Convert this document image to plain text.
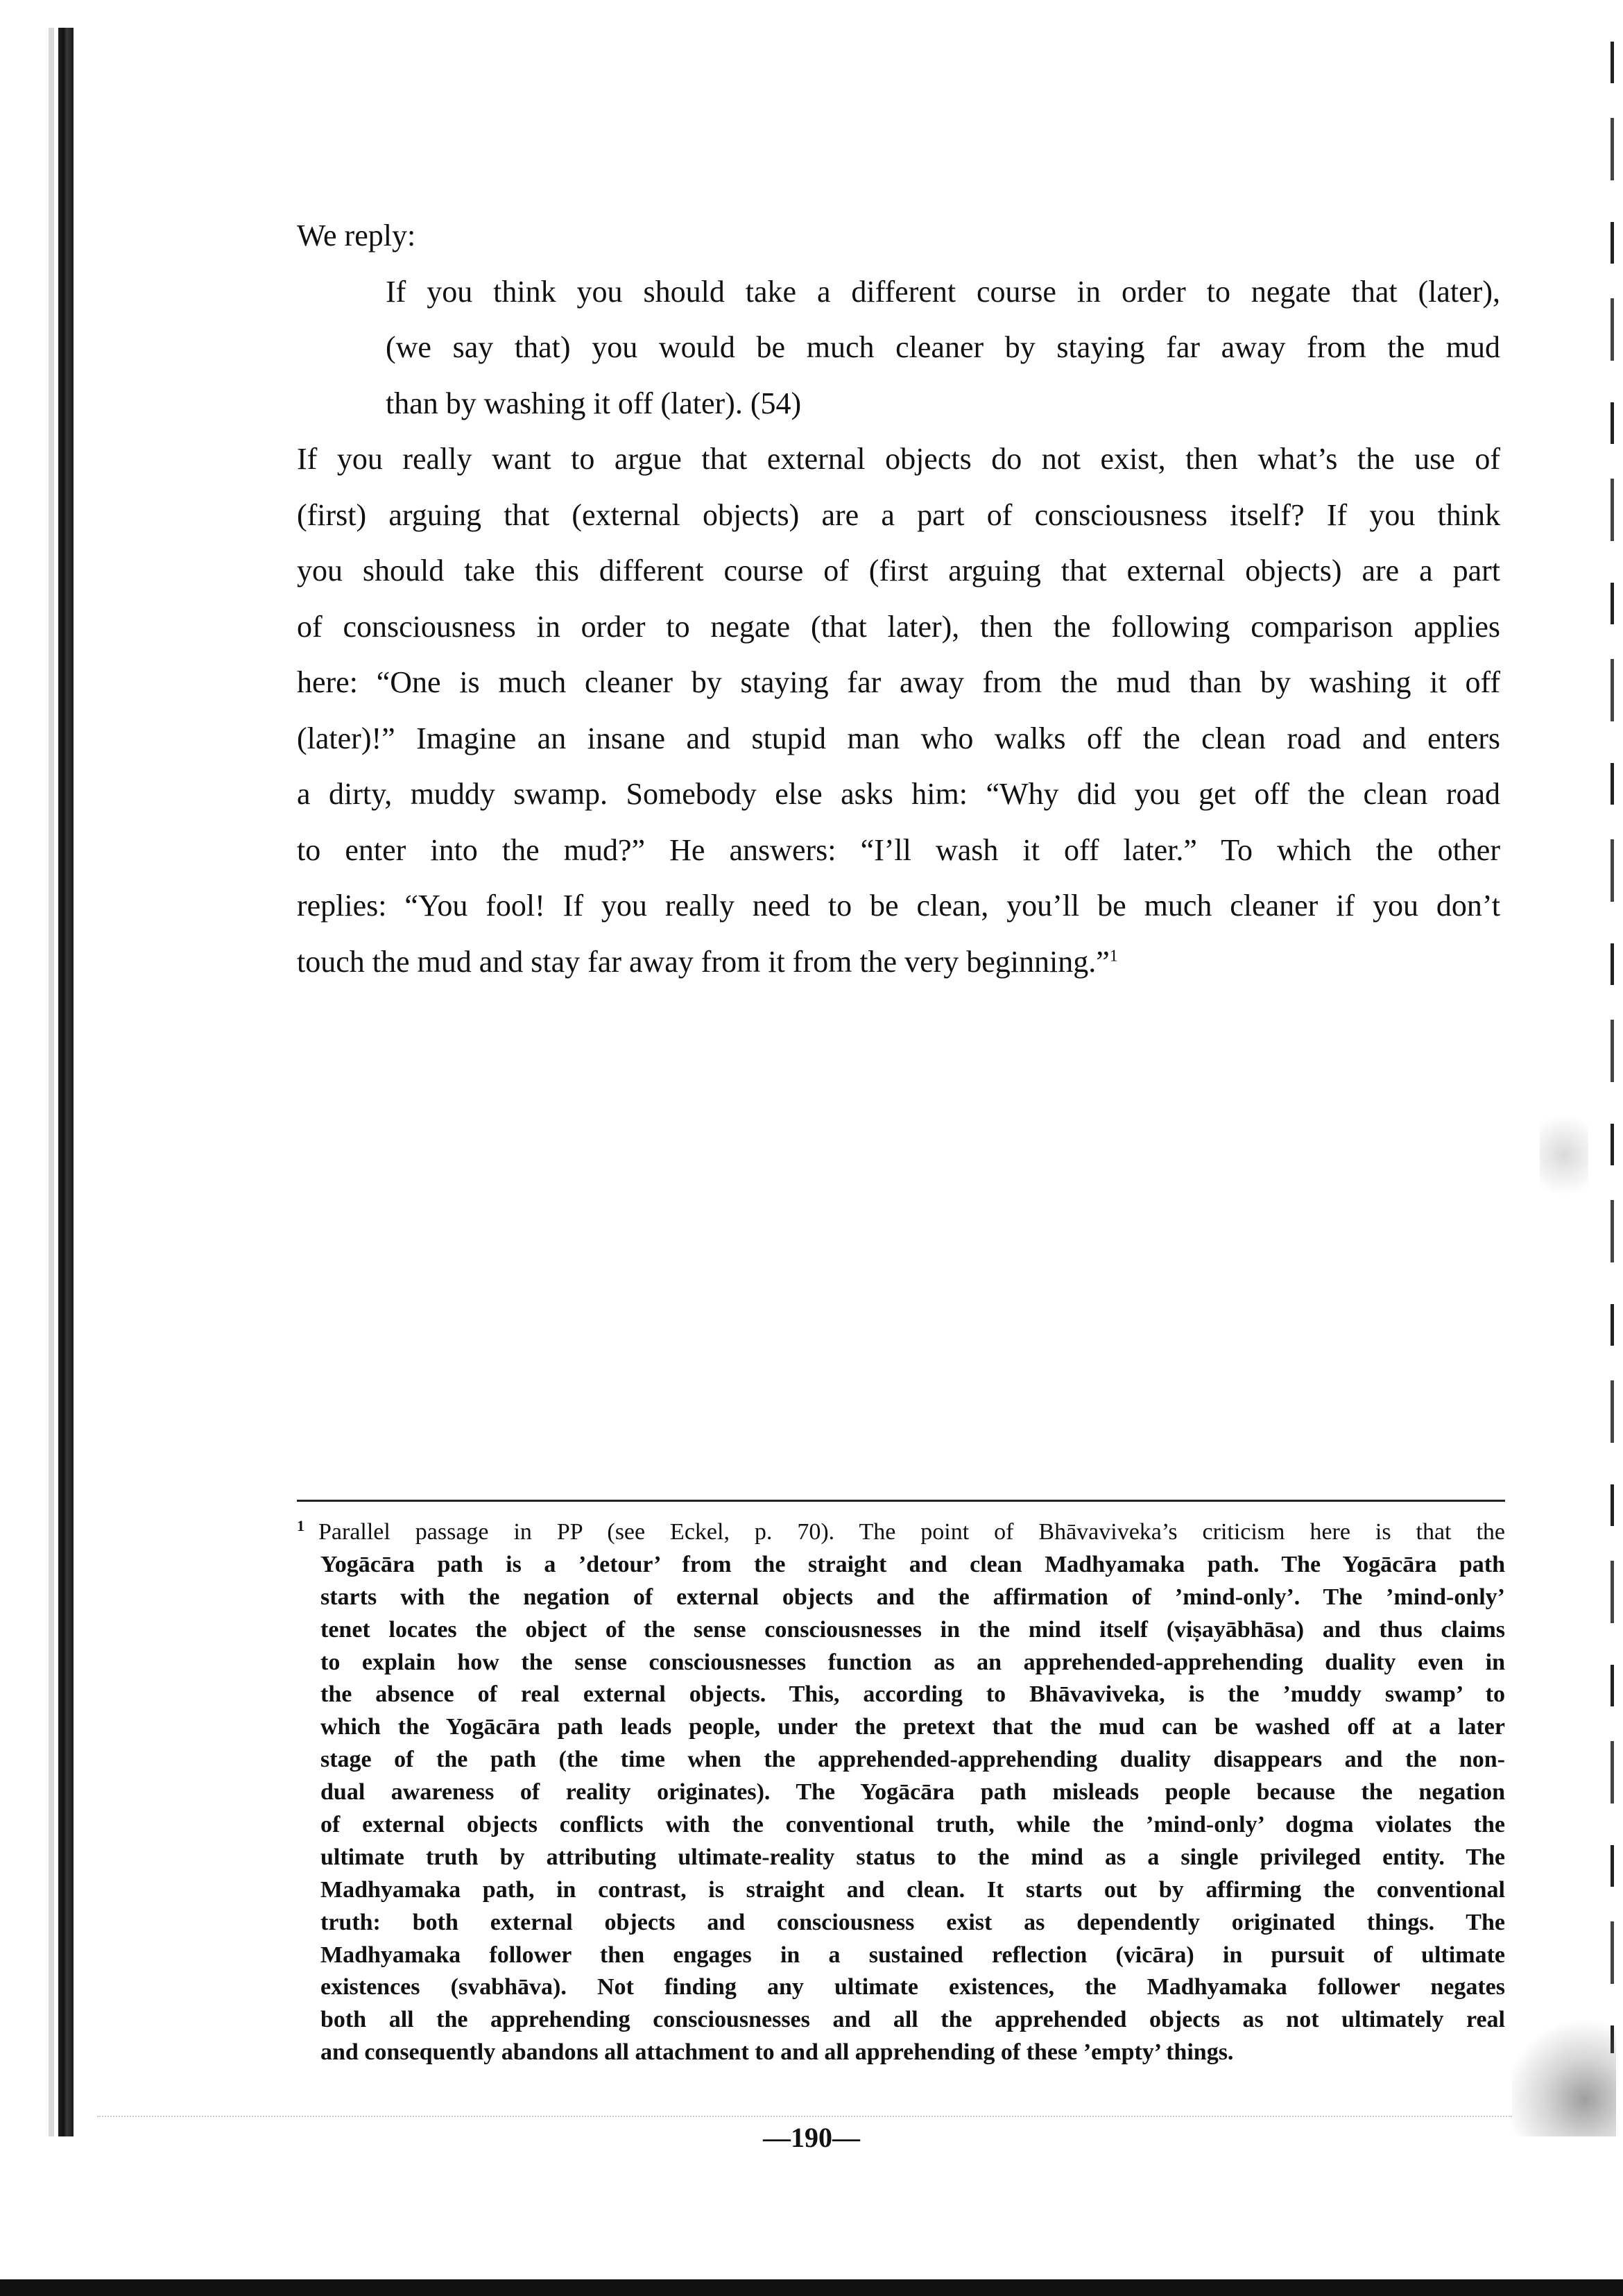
We reply:
If you think you should take a different course in order to negate that (later),
(we say that) you would be much cleaner by staying far away from the mud
than by washing it off (later). (54)
If you really want to argue that external objects do not exist, then what’s the use of
(first) arguing that (external objects) are a part of consciousness itself? If you think
you should take this different course of (first arguing that external objects) are a part
of consciousness in order to negate (that later), then the following comparison applies
here: “One is much cleaner by staying far away from the mud than by washing it off
(later)!” Imagine an insane and stupid man who walks off the clean road and enters
a dirty, muddy swamp. Somebody else asks him: “Why did you get off the clean road
to enter into the mud?” He answers: “I’ll wash it off later.” To which the other
replies: “You fool! If you really need to be clean, you’ll be much cleaner if you don’t
touch the mud and stay far away from it from the very beginning.”$^1$
$^1$ Parallel passage in PP (see Eckel, p. 70). The point of Bhāvaviveka’s criticism here is that the
Yogācāra path is a ’detour’ from the straight and clean Madhyamaka path. The Yogācāra path
starts with the negation of external objects and the affirmation of ’mind-only’. The ’mind-only’
tenet locates the object of the sense consciousnesses in the mind itself (viṣayābhāsa) and thus claims
to explain how the sense consciousnesses function as an apprehended-apprehending duality even in
the absence of real external objects. This, according to Bhāvaviveka, is the ’muddy swamp’ to
which the Yogācāra path leads people, under the pretext that the mud can be washed off at a later
stage of the path (the time when the apprehended-apprehending duality disappears and the non-
dual awareness of reality originates). The Yogācāra path misleads people because the negation
of external objects conflicts with the conventional truth, while the ’mind-only’ dogma violates the
ultimate truth by attributing ultimate-reality status to the mind as a single privileged entity. The
Madhyamaka path, in contrast, is straight and clean. It starts out by affirming the conventional
truth: both external objects and consciousness exist as dependently originated things. The
Madhyamaka follower then engages in a sustained reflection (vicāra) in pursuit of ultimate
existences (svabhāva). Not finding any ultimate existences, the Madhyamaka follower negates
both all the apprehending consciousnesses and all the apprehended objects as not ultimately real
and consequently abandons all attachment to and all apprehending of these ’empty’ things.
—190—
